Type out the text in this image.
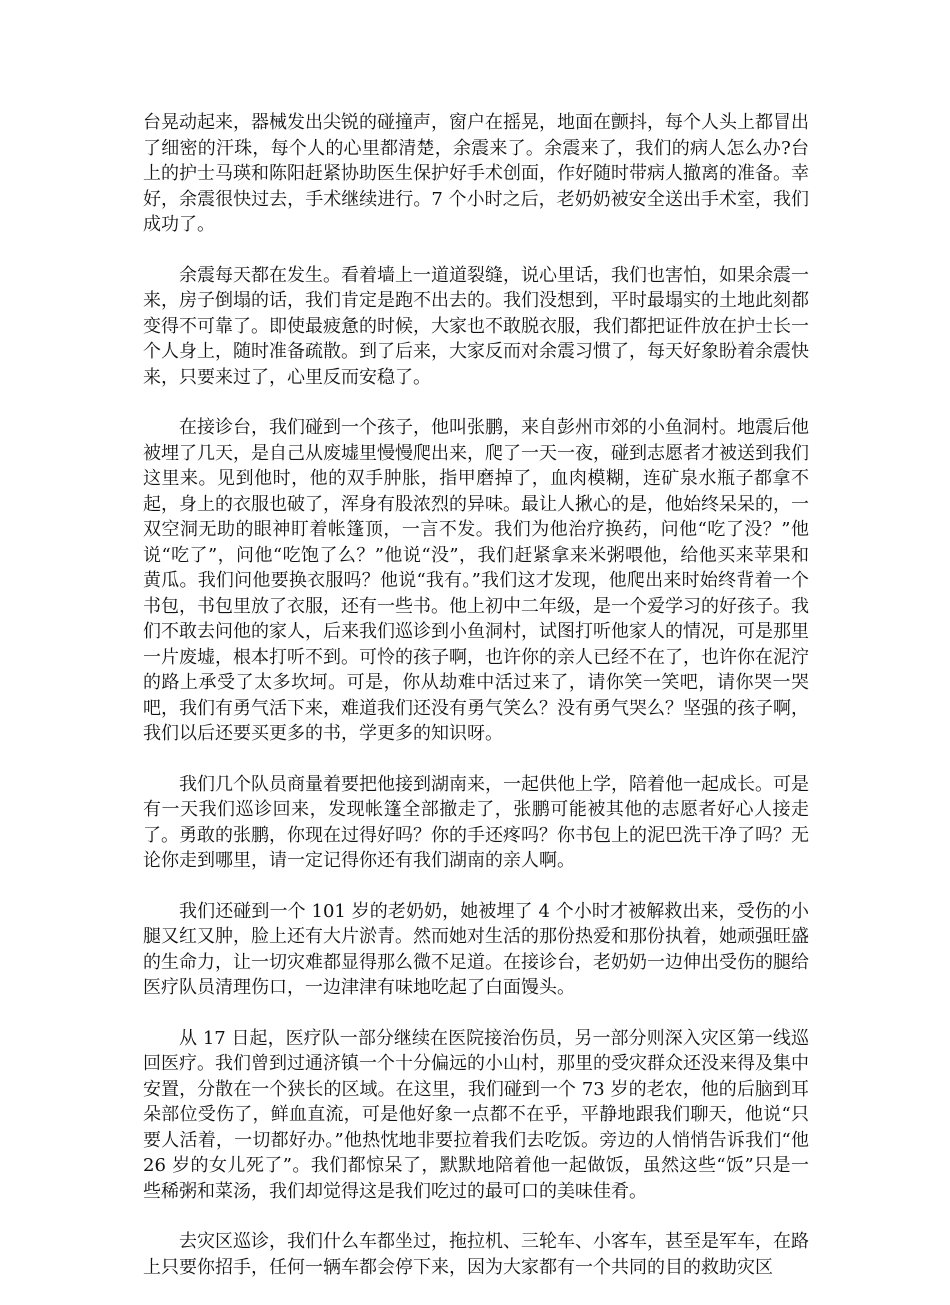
台晃动起来，器械发出尖锐的碰撞声，窗户在摇晃，地面在颤抖，每个人头上都冒出了细密的汗珠，每个人的心里都清楚，余震来了。余震来了，我们的病人怎么办?台上的护士马瑛和陈阳赶紧协助医生保护好手术创面，作好随时带病人撤离的准备。幸好，余震很快过去，手术继续进行。7 个小时之后，老奶奶被安全送出手术室，我们成功了。

余震每天都在发生。看着墙上一道道裂缝，说心里话，我们也害怕，如果余震一来，房子倒塌的话，我们肯定是跑不出去的。我们没想到，平时最塌实的土地此刻都变得不可靠了。即使最疲惫的时候，大家也不敢脱衣服，我们都把证件放在护士长一个人身上，随时准备疏散。到了后来，大家反而对余震习惯了，每天好象盼着余震快来，只要来过了，心里反而安稳了。

在接诊台，我们碰到一个孩子，他叫张鹏，来自彭州市郊的小鱼洞村。地震后他被埋了几天，是自己从废墟里慢慢爬出来，爬了一天一夜，碰到志愿者才被送到我们这里来。见到他时，他的双手肿胀，指甲磨掉了，血肉模糊，连矿泉水瓶子都拿不起，身上的衣服也破了，浑身有股浓烈的异味。最让人揪心的是，他始终呆呆的，一双空洞无助的眼神盯着帐篷顶，一言不发。我们为他治疗换药，问他“吃了没？”他说“吃了”，问他“吃饱了么？”他说“没”，我们赶紧拿来米粥喂他，给他买来苹果和黄瓜。我们问他要换衣服吗？他说“我有。”我们这才发现，他爬出来时始终背着一个书包，书包里放了衣服，还有一些书。他上初中二年级，是一个爱学习的好孩子。我们不敢去问他的家人，后来我们巡诊到小鱼洞村，试图打听他家人的情况，可是那里一片废墟，根本打听不到。可怜的孩子啊，也许你的亲人已经不在了，也许你在泥泞的路上承受了太多坎坷。可是，你从劫难中活过来了，请你笑一笑吧，请你哭一哭吧，我们有勇气活下来，难道我们还没有勇气笑么？没有勇气哭么？坚强的孩子啊，我们以后还要买更多的书，学更多的知识呀。

我们几个队员商量着要把他接到湖南来，一起供他上学，陪着他一起成长。可是有一天我们巡诊回来，发现帐篷全部撤走了，张鹏可能被其他的志愿者好心人接走了。勇敢的张鹏，你现在过得好吗？你的手还疼吗？你书包上的泥巴洗干净了吗？无论你走到哪里，请一定记得你还有我们湖南的亲人啊。

我们还碰到一个 101 岁的老奶奶，她被埋了 4 个小时才被解救出来，受伤的小腿又红又肿，脸上还有大片淤青。然而她对生活的那份热爱和那份执着，她顽强旺盛的生命力，让一切灾难都显得那么微不足道。在接诊台，老奶奶一边伸出受伤的腿给医疗队员清理伤口，一边津津有味地吃起了白面馒头。

从 17 日起，医疗队一部分继续在医院接治伤员，另一部分则深入灾区第一线巡回医疗。我们曾到过通济镇一个十分偏远的小山村，那里的受灾群众还没来得及集中安置，分散在一个狭长的区域。在这里，我们碰到一个 73 岁的老农，他的后脑到耳朵部位受伤了，鲜血直流，可是他好象一点都不在乎，平静地跟我们聊天，他说“只要人活着，一切都好办。”他热忱地非要拉着我们去吃饭。旁边的人悄悄告诉我们“他 26 岁的女儿死了”。我们都惊呆了，默默地陪着他一起做饭，虽然这些“饭”只是一些稀粥和菜汤，我们却觉得这是我们吃过的最可口的美味佳肴。

去灾区巡诊，我们什么车都坐过，拖拉机、三轮车、小客车，甚至是军车，在路上只要你招手，任何一辆车都会停下来，因为大家都有一个共同的目的救助灾区
